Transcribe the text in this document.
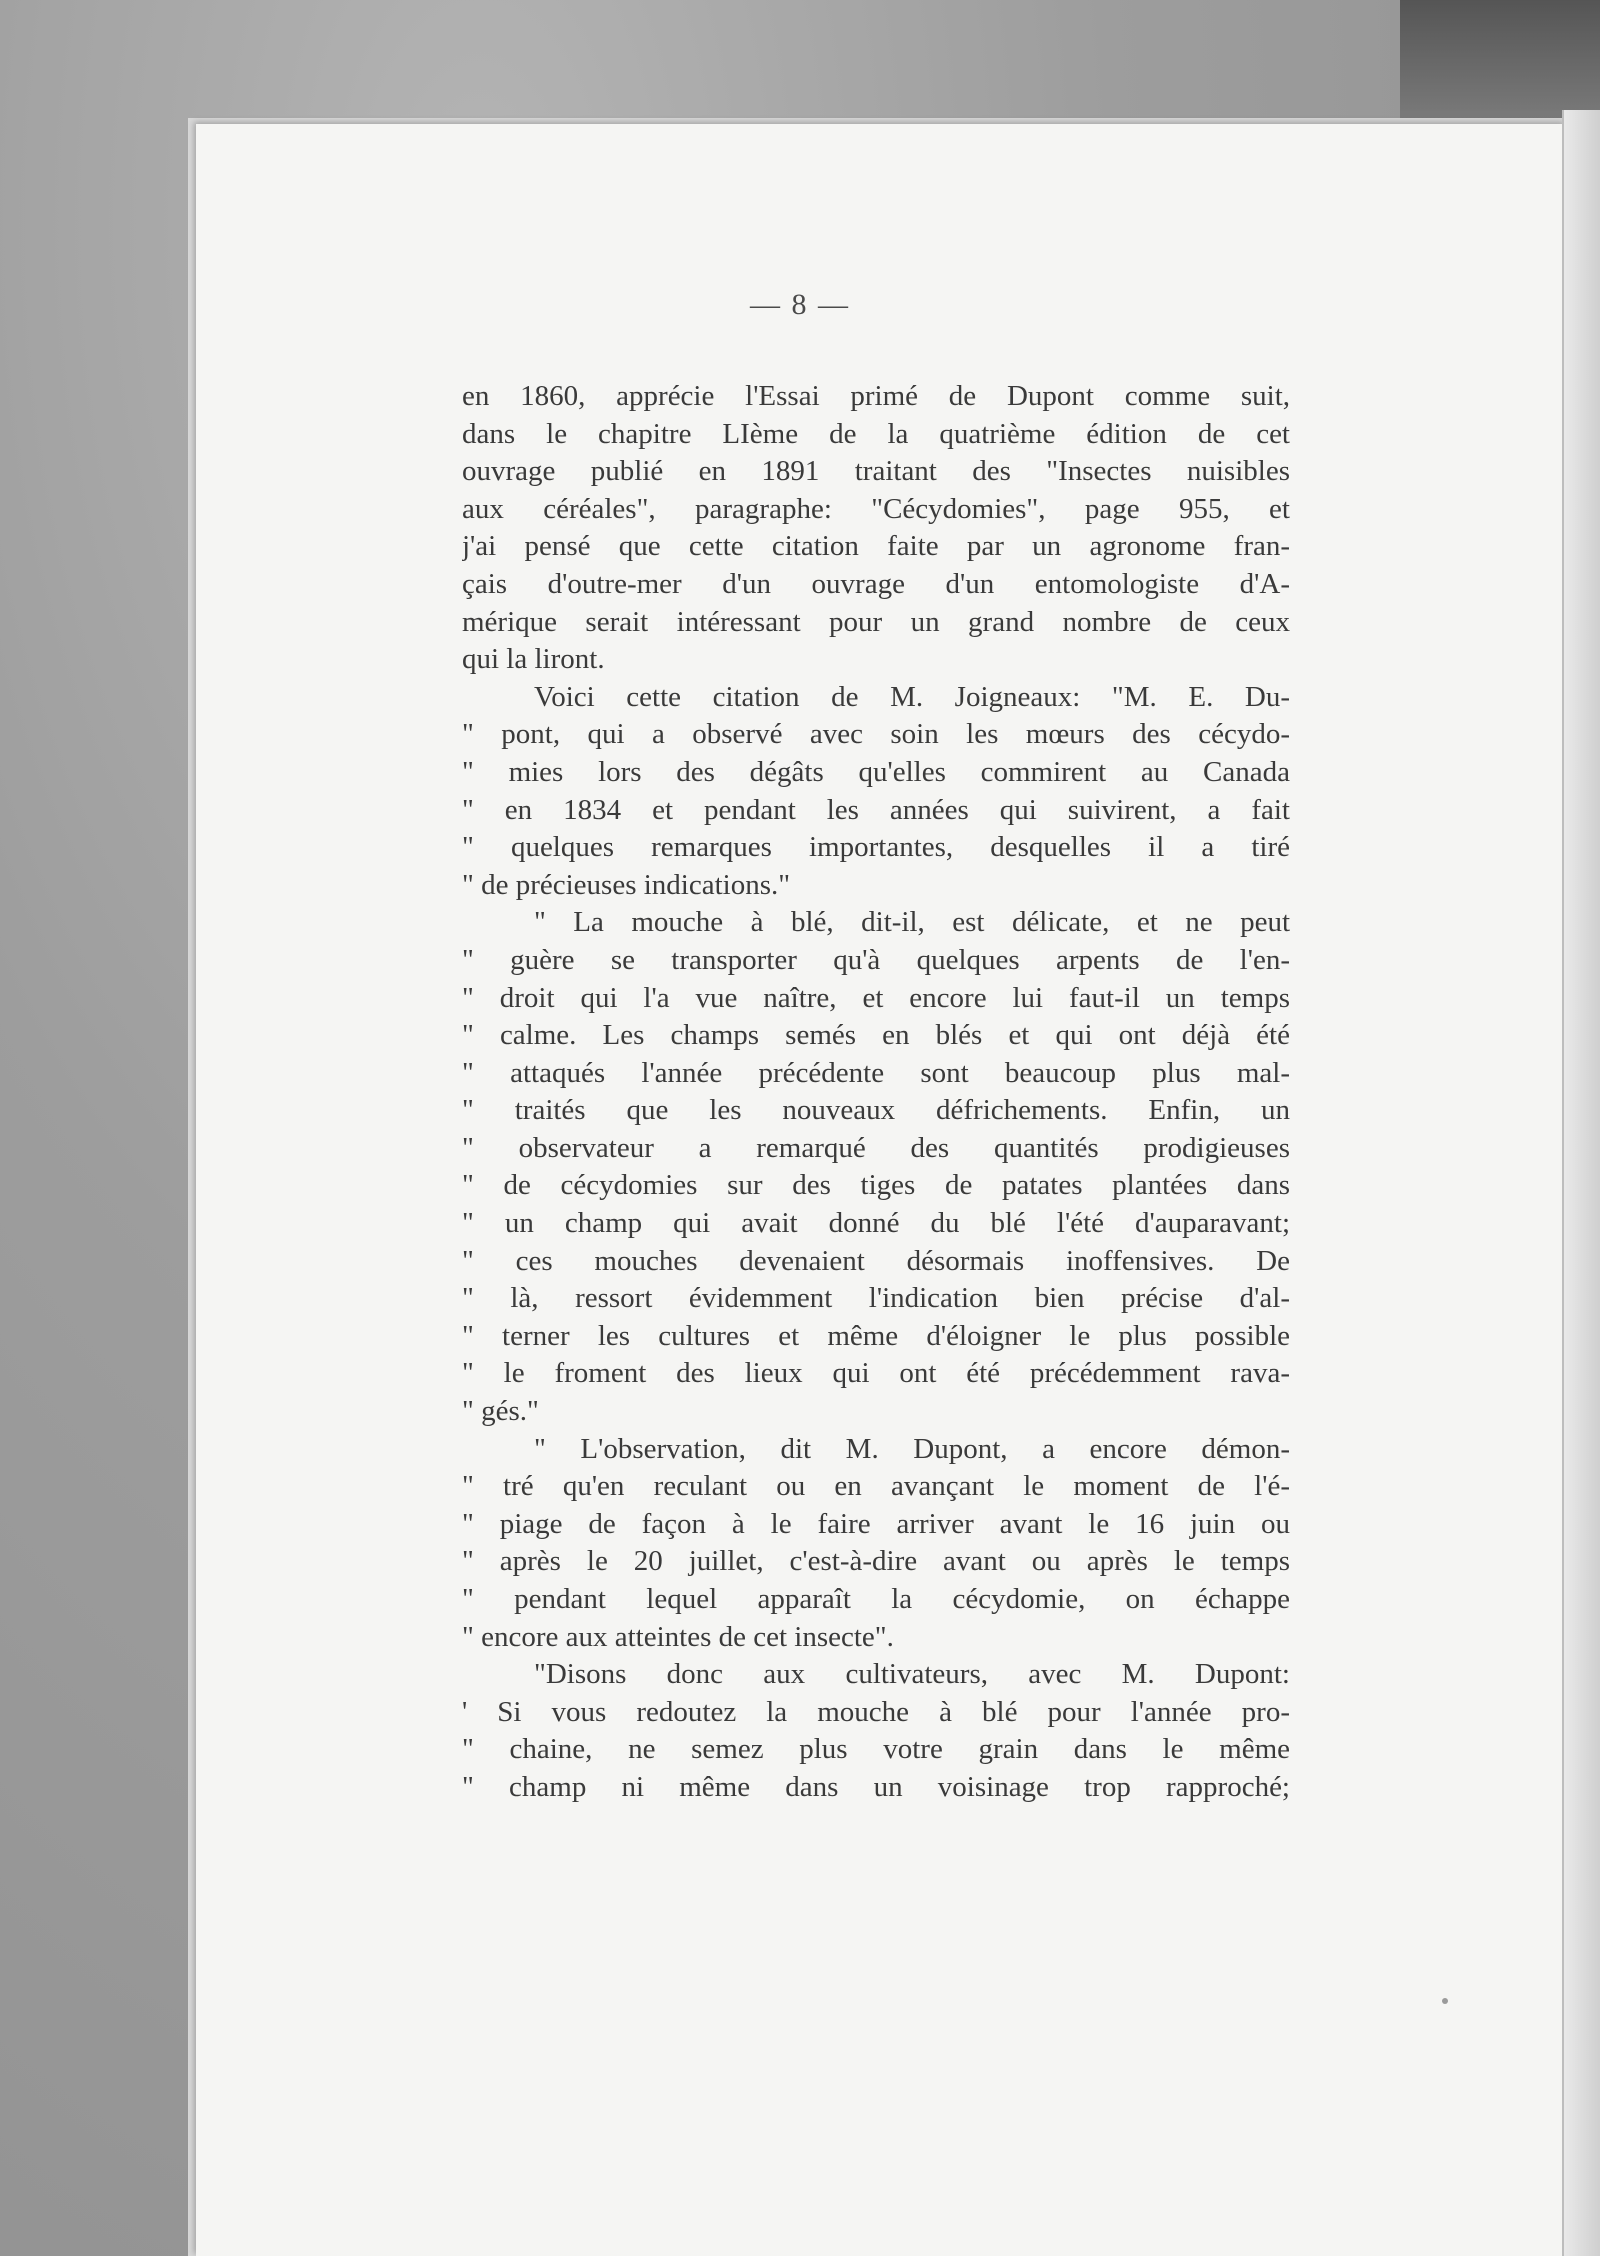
— 8 —
en 1860, apprécie l'Essai primé de Dupont comme suit,
dans le chapitre LIème de la quatrième édition de cet
ouvrage publié en 1891 traitant des "Insectes nuisibles
aux céréales", paragraphe: "Cécydomies", page 955, et
j'ai pensé que cette citation faite par un agronome fran-
çais d'outre-mer d'un ouvrage d'un entomologiste d'A-
mérique serait intéressant pour un grand nombre de ceux
qui la liront.
Voici cette citation de M. Joigneaux: "M. E. Du-
" pont, qui a observé avec soin les mœurs des cécydo-
" mies lors des dégâts qu'elles commirent au Canada
" en 1834 et pendant les années qui suivirent, a fait
" quelques remarques importantes, desquelles il a tiré
" de précieuses indications."
" La mouche à blé, dit-il, est délicate, et ne peut
" guère se transporter qu'à quelques arpents de l'en-
" droit qui l'a vue naître, et encore lui faut-il un temps
" calme. Les champs semés en blés et qui ont déjà été
" attaqués l'année précédente sont beaucoup plus mal-
" traités que les nouveaux défrichements. Enfin, un
" observateur a remarqué des quantités prodigieuses
" de cécydomies sur des tiges de patates plantées dans
" un champ qui avait donné du blé l'été d'auparavant;
" ces mouches devenaient désormais inoffensives. De
" là, ressort évidemment l'indication bien précise d'al-
" terner les cultures et même d'éloigner le plus possible
" le froment des lieux qui ont été précédemment rava-
" gés."
" L'observation, dit M. Dupont, a encore démon-
" tré qu'en reculant ou en avançant le moment de l'é-
" piage de façon à le faire arriver avant le 16 juin ou
" après le 20 juillet, c'est-à-dire avant ou après le temps
" pendant lequel apparaît la cécydomie, on échappe
" encore aux atteintes de cet insecte".
"Disons donc aux cultivateurs, avec M. Dupont:
' Si vous redoutez la mouche à blé pour l'année pro-
" chaine, ne semez plus votre grain dans le même
" champ ni même dans un voisinage trop rapproché;
